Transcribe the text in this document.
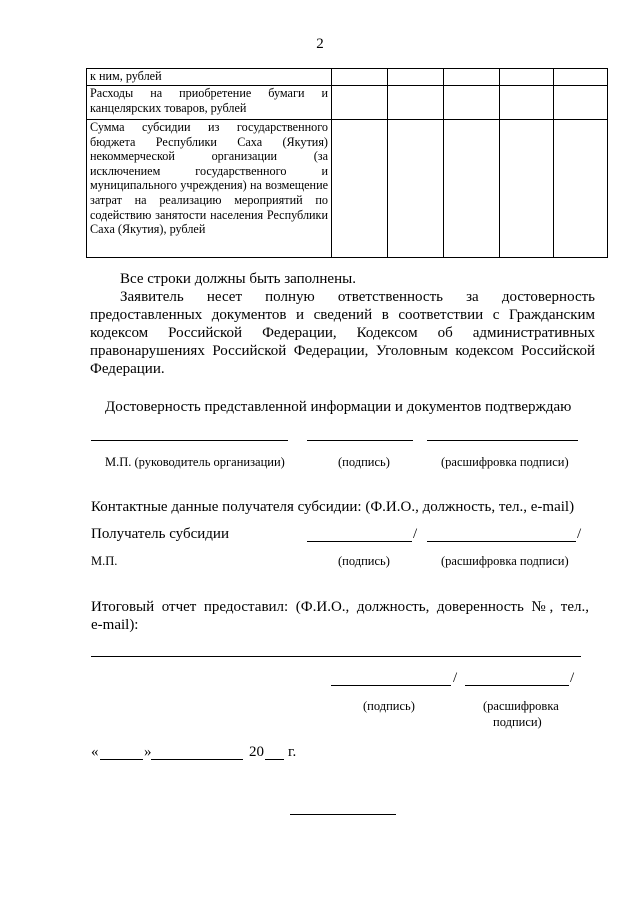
2
к ним, рублей					
Расходы на приобретение бумаги и канцелярских товаров, рублей					
Сумма субсидии из государственного бюджета Республики Саха (Якутия) некоммерческой организации (за исключением государственного и муниципального учреждения) на возмещение затрат на реализацию мероприятий по содействию занятости населения Республики Саха (Якутия), рублей					
Все строки должны быть заполнены.
Заявитель несет полную ответственность за достоверность
предоставленных документов и сведений в соответствии с Гражданским
кодексом Российской Федерации, Кодексом об административных
правонарушениях Российской Федерации, Уголовным кодексом Российской
Федерации.
Достоверность представленной информации и документов подтверждаю
М.П. (руководитель организации)	(подпись)	(расшифровка подписи)
Контактные данные получателя субсидии: (Ф.И.О., должность, тел., e-mail)
Получатель субсидии	/	/
М.П.	(подпись)	(расшифровка подписи)
Итоговый отчет предоставил: (Ф.И.О., должность, доверенность №, тел.,
e-mail):
/	/
(подпись)	(расшифровка
подписи)
«	»	20 г.
